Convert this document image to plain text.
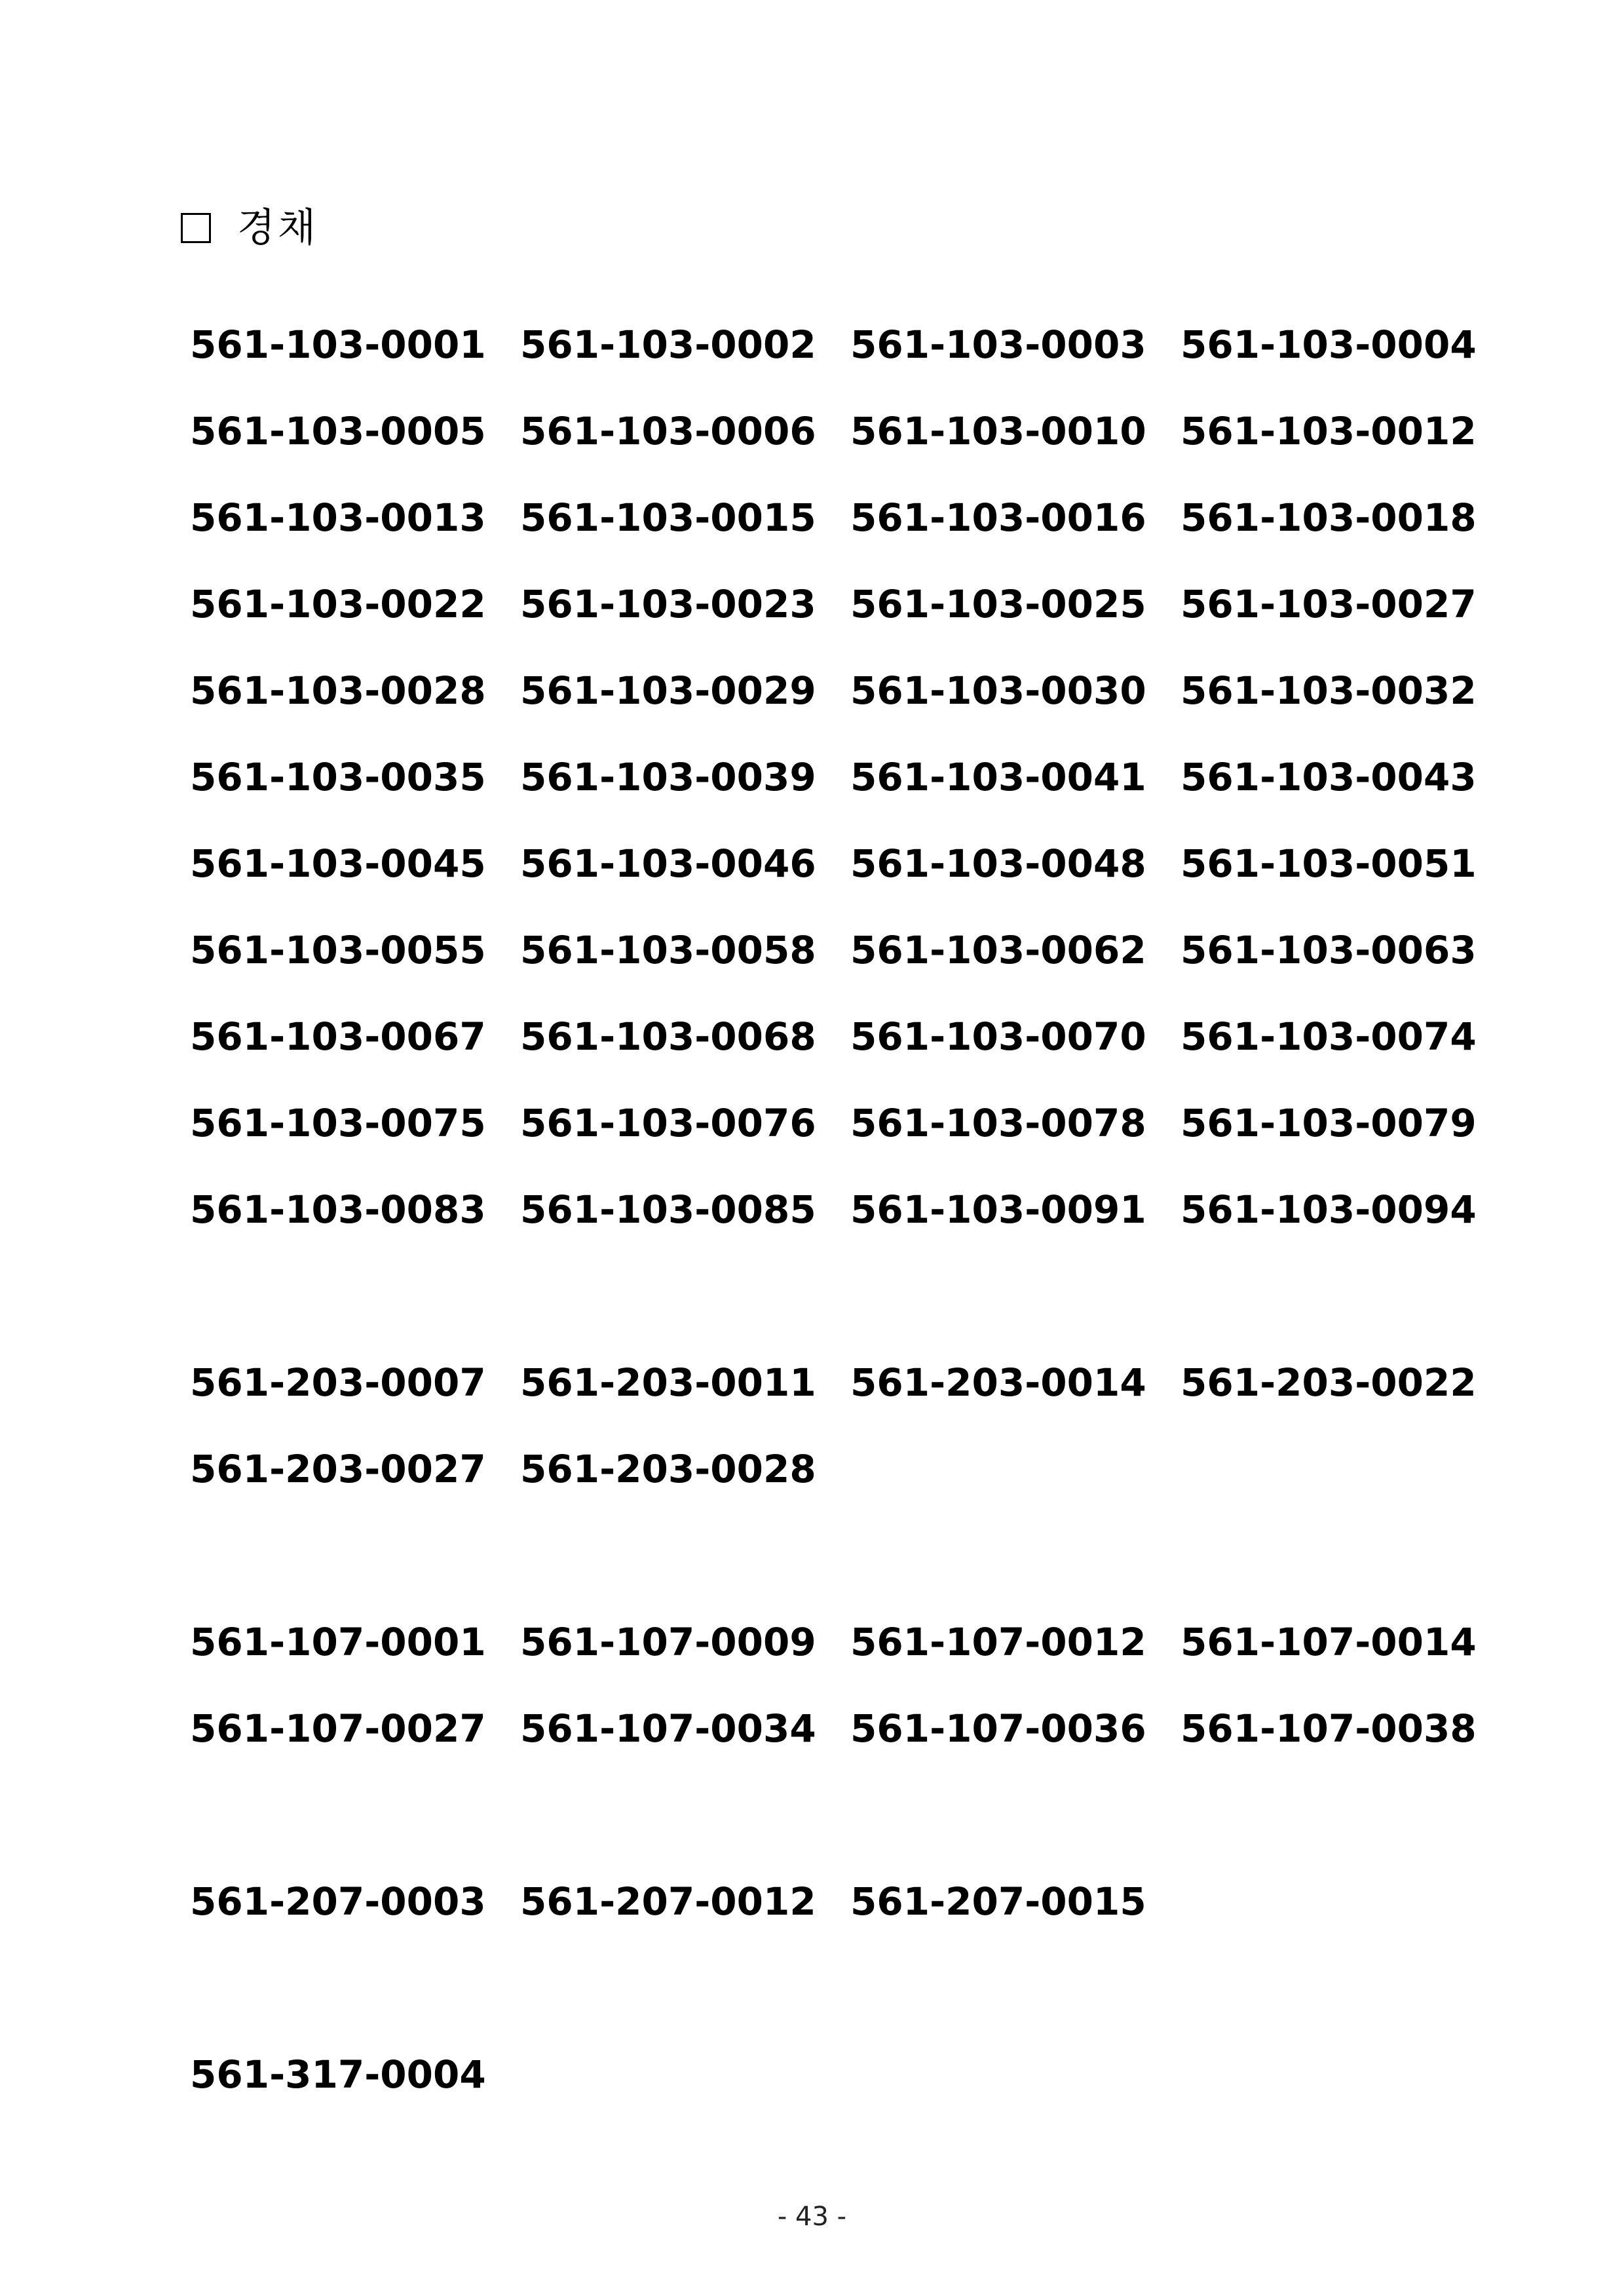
경채
561-103-0001 561-103-0002 561-103-0003 561-103-0004
561-103-0005 561-103-0006 561-103-0010 561-103-0012
561-103-0013 561-103-0015 561-103-0016 561-103-0018
561-103-0022 561-103-0023 561-103-0025 561-103-0027
561-103-0028 561-103-0029 561-103-0030 561-103-0032
561-103-0035 561-103-0039 561-103-0041 561-103-0043
561-103-0045 561-103-0046 561-103-0048 561-103-0051
561-103-0055 561-103-0058 561-103-0062 561-103-0063
561-103-0067 561-103-0068 561-103-0070 561-103-0074
561-103-0075 561-103-0076 561-103-0078 561-103-0079
561-103-0083 561-103-0085 561-103-0091 561-103-0094
561-203-0007 561-203-0011 561-203-0014 561-203-0022
561-203-0027 561-203-0028
561-107-0001 561-107-0009 561-107-0012 561-107-0014
561-107-0027 561-107-0034 561-107-0036 561-107-0038
561-207-0003 561-207-0012 561-207-0015
561-317-0004
- 43 -
